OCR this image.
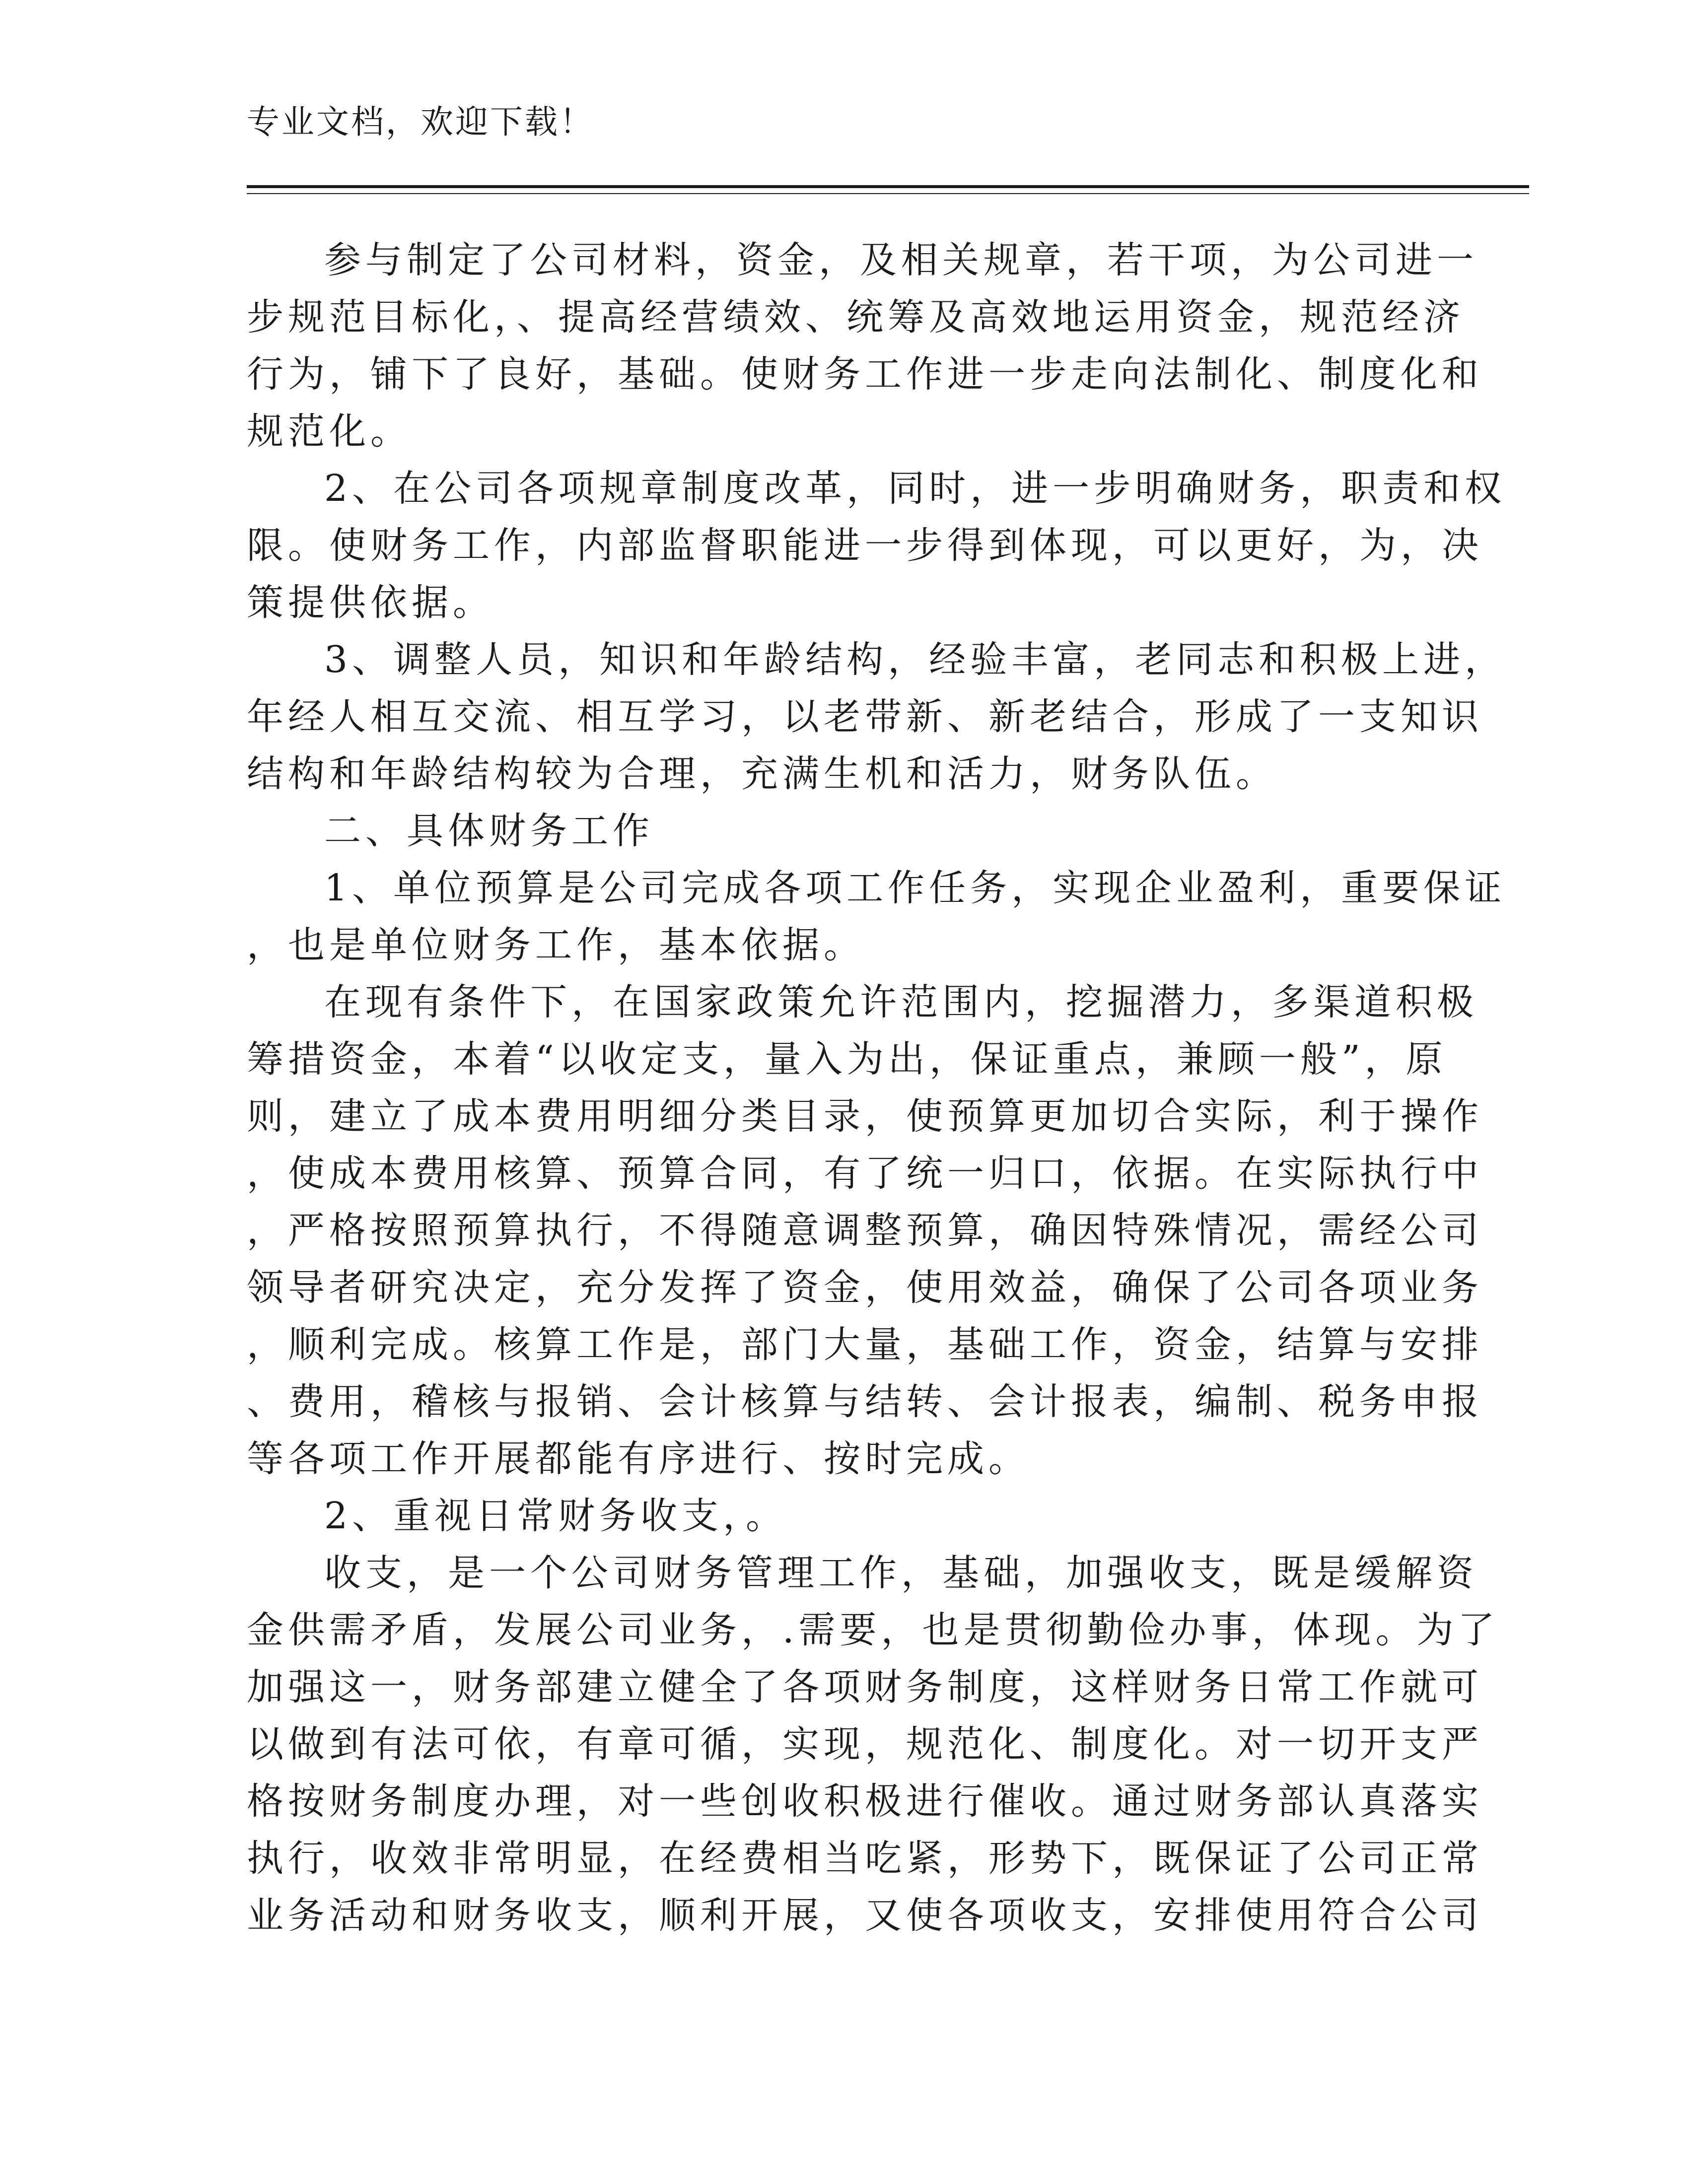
专业文档，欢迎下载！
参与制定了公司材料，资金，及相关规章，若干项，为公司进一
步规范目标化，、提高经营绩效、统筹及高效地运用资金，规范经济
行为，铺下了良好，基础。使财务工作进一步走向法制化、制度化和
规范化。
2、在公司各项规章制度改革，同时，进一步明确财务，职责和权
限。使财务工作，内部监督职能进一步得到体现，可以更好，为，决
策提供依据。
3、调整人员，知识和年龄结构，经验丰富，老同志和积极上进，
年经人相互交流、相互学习，以老带新、新老结合，形成了一支知识
结构和年龄结构较为合理，充满生机和活力，财务队伍。
二、具体财务工作
1、单位预算是公司完成各项工作任务，实现企业盈利，重要保证
，也是单位财务工作，基本依据。
在现有条件下，在国家政策允许范围内，挖掘潜力，多渠道积极
筹措资金，本着“以收定支，量入为出，保证重点，兼顾一般”，原
则，建立了成本费用明细分类目录，使预算更加切合实际，利于操作
，使成本费用核算、预算合同，有了统一归口，依据。在实际执行中
，严格按照预算执行，不得随意调整预算，确因特殊情况，需经公司
领导者研究决定，充分发挥了资金，使用效益，确保了公司各项业务
，顺利完成。核算工作是，部门大量，基础工作，资金，结算与安排
、费用，稽核与报销、会计核算与结转、会计报表，编制、税务申报
等各项工作开展都能有序进行、按时完成。
2、重视日常财务收支，。
收支，是一个公司财务管理工作，基础，加强收支，既是缓解资
金供需矛盾，发展公司业务，.需要，也是贯彻勤俭办事，体现。为了
加强这一，财务部建立健全了各项财务制度，这样财务日常工作就可
以做到有法可依，有章可循，实现，规范化、制度化。对一切开支严
格按财务制度办理，对一些创收积极进行催收。通过财务部认真落实
执行，收效非常明显，在经费相当吃紧，形势下，既保证了公司正常
业务活动和财务收支，顺利开展，又使各项收支，安排使用符合公司
